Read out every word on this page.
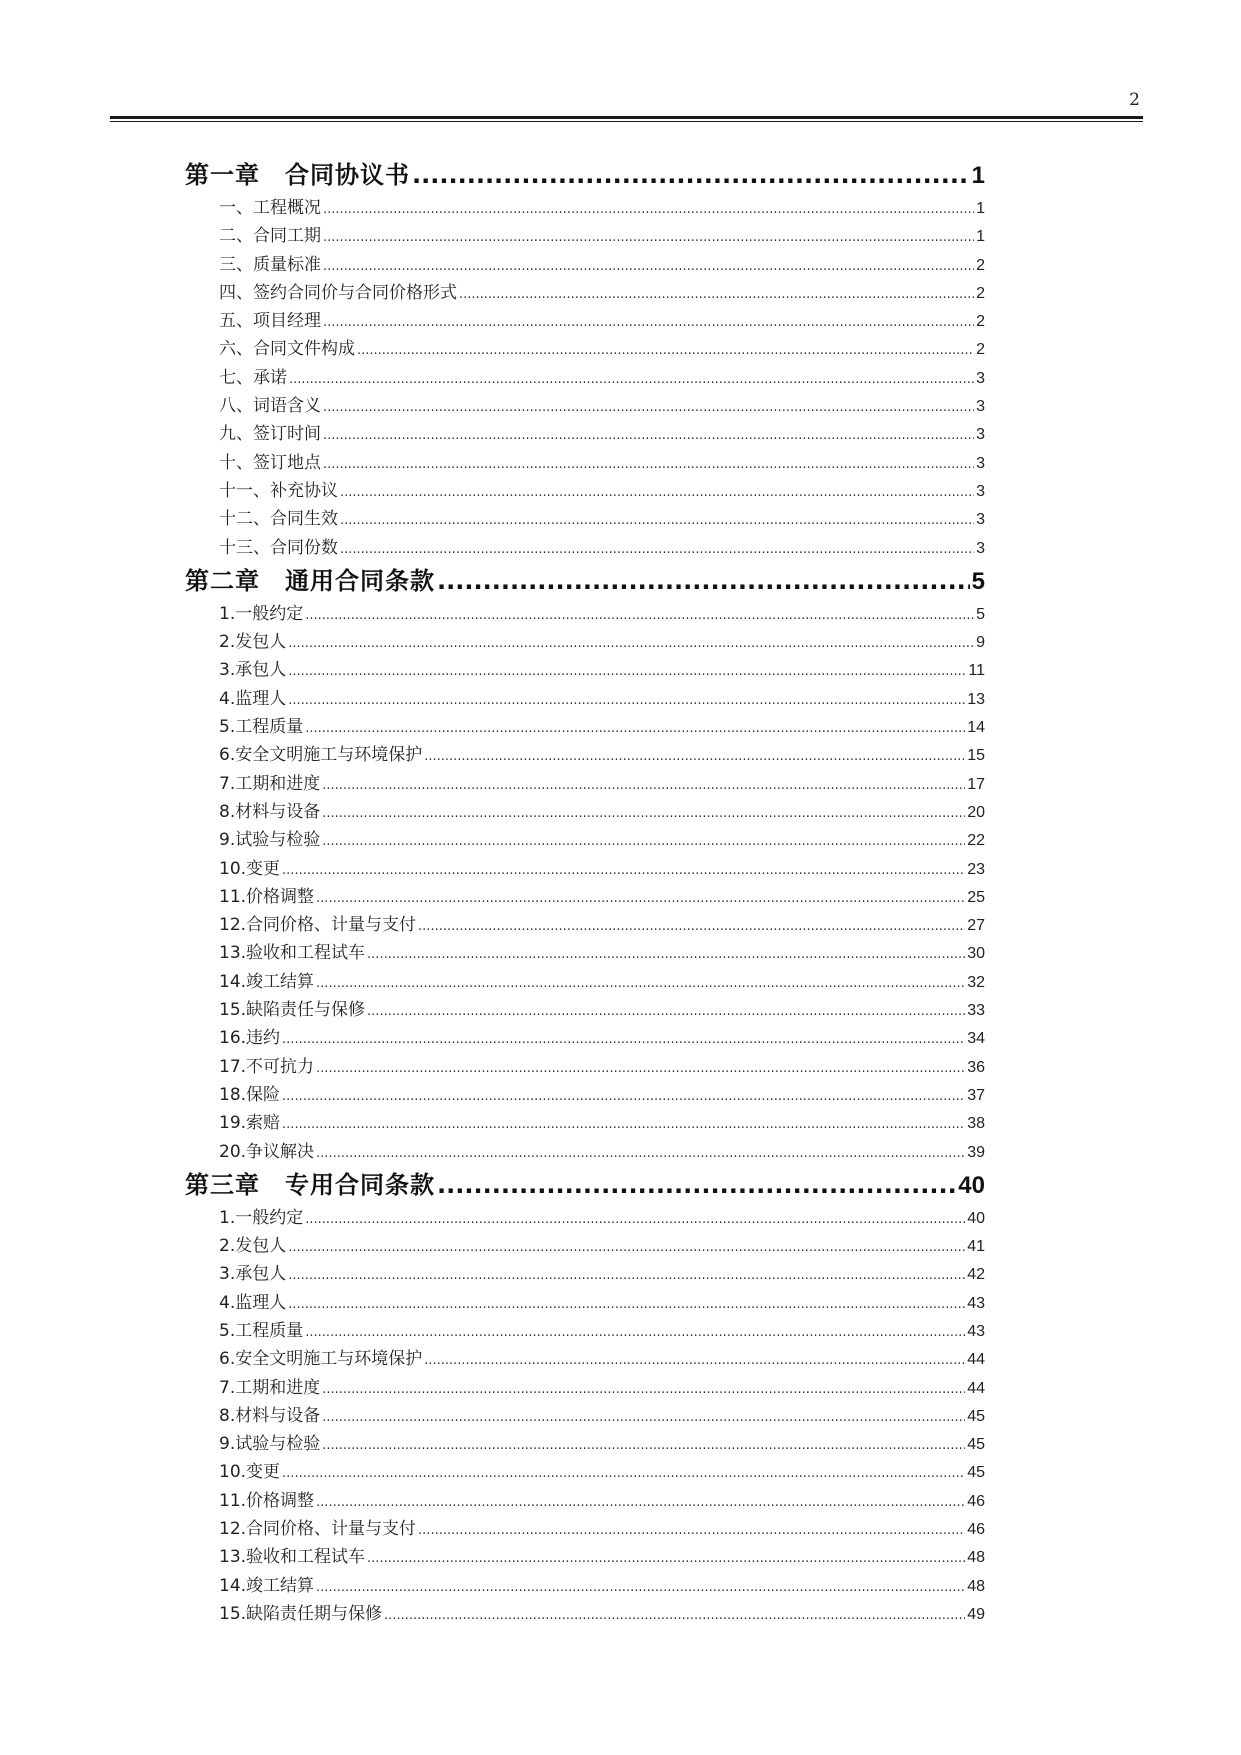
2
第一章　合同协议书 .....	1
一、工程概况 .....	1
二、合同工期 .....	1
三、质量标准 .....	2
四、签约合同价与合同价格形式 .....	2
五、项目经理 .....	2
六、合同文件构成 .....	2
七、承诺 .....	3
八、词语含义 .....	3
九、签订时间 .....	3
十、签订地点 .....	3
十一、补充协议 .....	3
十二、合同生效 .....	3
十三、合同份数 .....	3
第二章　通用合同条款 .....	5
1.一般约定 .....	5
2.发包人 .....	9
3.承包人 .....	11
4.监理人 .....	13
5.工程质量 .....	14
6.安全文明施工与环境保护 .....	15
7.工期和进度 .....	17
8.材料与设备 .....	20
9.试验与检验 .....	22
10.变更 .....	23
11.价格调整 .....	25
12.合同价格、计量与支付 .....	27
13.验收和工程试车 .....	30
14.竣工结算 .....	32
15.缺陷责任与保修 .....	33
16.违约 .....	34
17.不可抗力 .....	36
18.保险 .....	37
19.索赔 .....	38
20.争议解决 .....	39
第三章　专用合同条款 .....	40
1.一般约定 .....	40
2.发包人 .....	41
3.承包人 .....	42
4.监理人 .....	43
5.工程质量 .....	43
6.安全文明施工与环境保护 .....	44
7.工期和进度 .....	44
8.材料与设备 .....	45
9.试验与检验 .....	45
10.变更 .....	45
11.价格调整 .....	46
12.合同价格、计量与支付 .....	46
13.验收和工程试车 .....	48
14.竣工结算 .....	48
15.缺陷责任期与保修 .....	49
